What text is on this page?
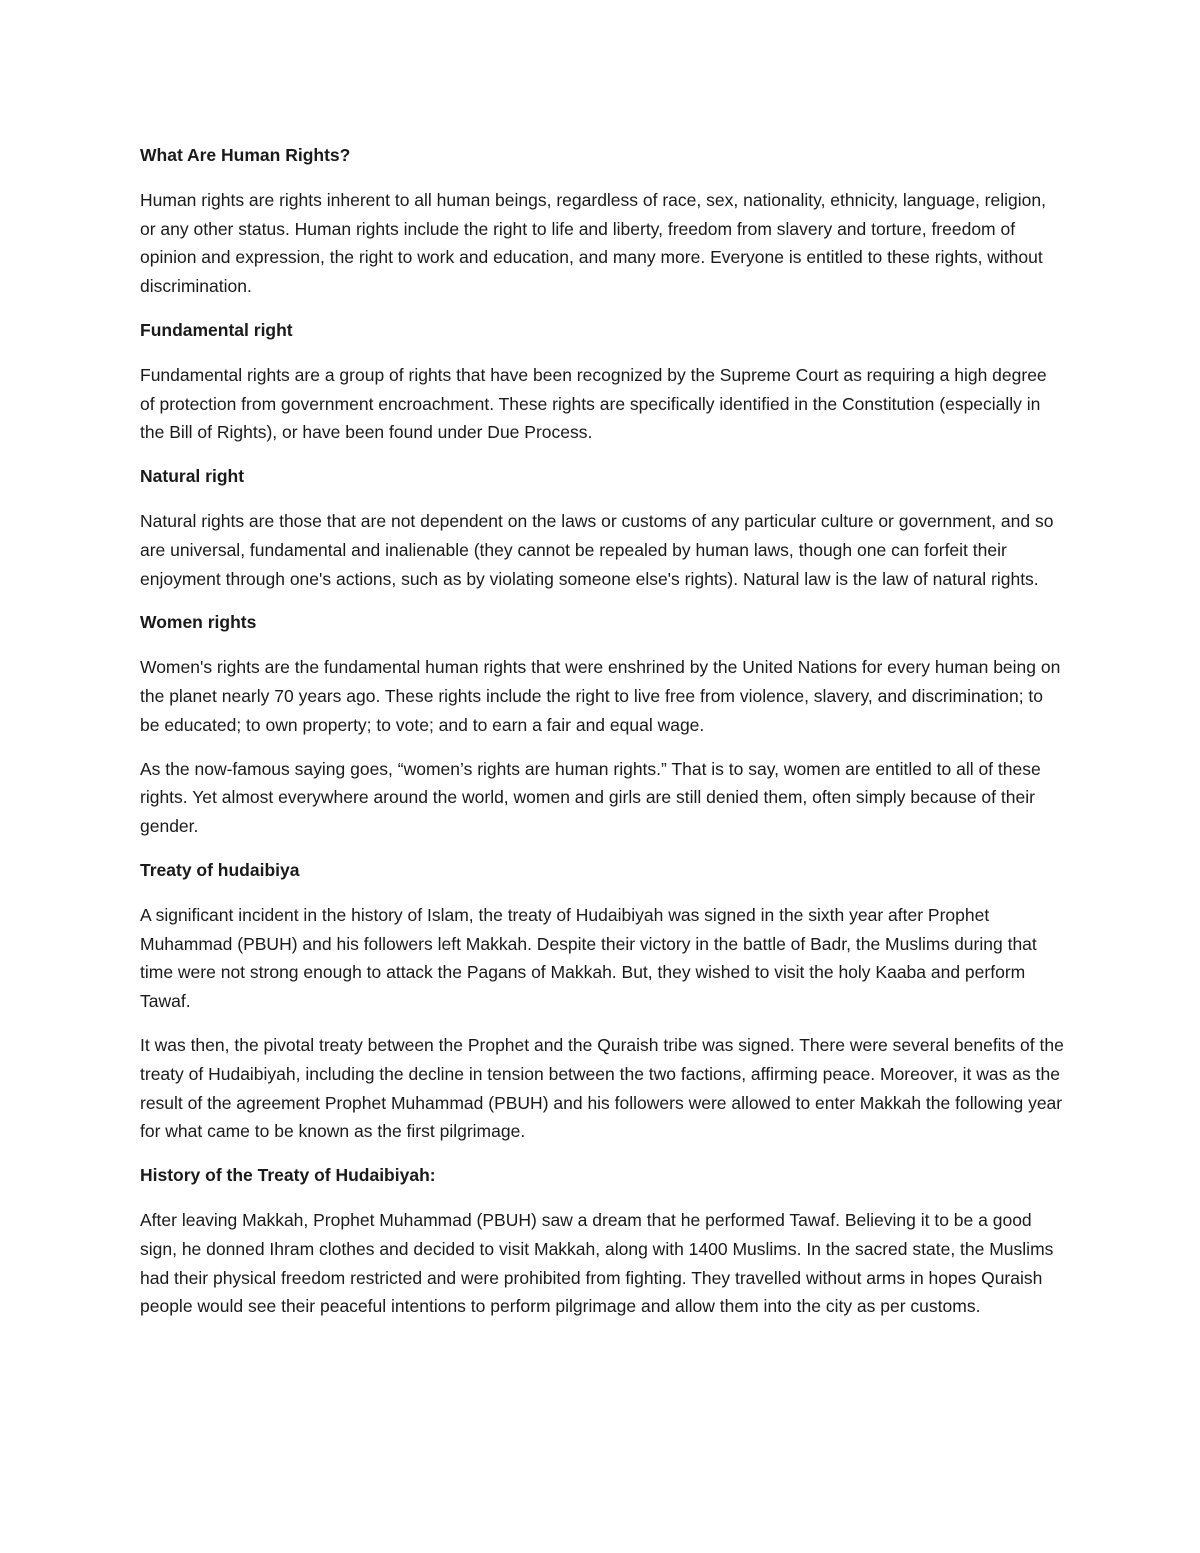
What Are Human Rights?

Human rights are rights inherent to all human beings, regardless of race, sex, nationality, ethnicity, language, religion, or any other status. Human rights include the right to life and liberty, freedom from slavery and torture, freedom of opinion and expression, the right to work and education, and many more. Everyone is entitled to these rights, without discrimination.

Fundamental right

Fundamental rights are a group of rights that have been recognized by the Supreme Court as requiring a high degree of protection from government encroachment. These rights are specifically identified in the Constitution (especially in the Bill of Rights), or have been found under Due Process.

Natural right

Natural rights are those that are not dependent on the laws or customs of any particular culture or government, and so are universal, fundamental and inalienable (they cannot be repealed by human laws, though one can forfeit their enjoyment through one's actions, such as by violating someone else's rights). Natural law is the law of natural rights.

Women rights

Women's rights are the fundamental human rights that were enshrined by the United Nations for every human being on the planet nearly 70 years ago. These rights include the right to live free from violence, slavery, and discrimination; to be educated; to own property; to vote; and to earn a fair and equal wage.

As the now-famous saying goes, “women’s rights are human rights.” That is to say, women are entitled to all of these rights. Yet almost everywhere around the world, women and girls are still denied them, often simply because of their gender.

Treaty of hudaibiya

A significant incident in the history of Islam, the treaty of Hudaibiyah was signed in the sixth year after Prophet Muhammad (PBUH) and his followers left Makkah. Despite their victory in the battle of Badr, the Muslims during that time were not strong enough to attack the Pagans of Makkah. But, they wished to visit the holy Kaaba and perform Tawaf.

It was then, the pivotal treaty between the Prophet and the Quraish tribe was signed. There were several benefits of the treaty of Hudaibiyah, including the decline in tension between the two factions, affirming peace. Moreover, it was as the result of the agreement Prophet Muhammad (PBUH) and his followers were allowed to enter Makkah the following year for what came to be known as the first pilgrimage.

History of the Treaty of Hudaibiyah:

After leaving Makkah, Prophet Muhammad (PBUH) saw a dream that he performed Tawaf. Believing it to be a good sign, he donned Ihram clothes and decided to visit Makkah, along with 1400 Muslims. In the sacred state, the Muslims had their physical freedom restricted and were prohibited from fighting. They travelled without arms in hopes Quraish people would see their peaceful intentions to perform pilgrimage and allow them into the city as per customs.
